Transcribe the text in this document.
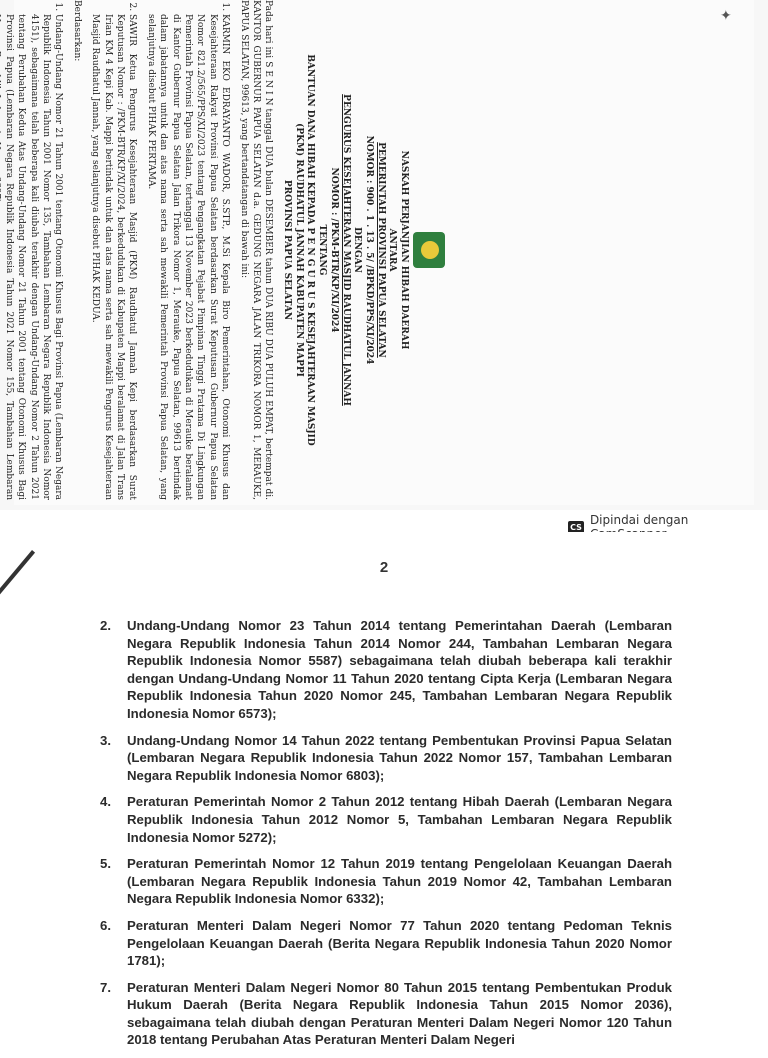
✦
NASKAH PERJANJIAN HIBAH DAERAH
ANTARA
PEMERINTAH PROVINSI PAPUA SELATAN
NOMOR : 900 . 1 . 13 . 5/ /BPKD/PPS/XI/2024
DENGAN
PENGURUS KESEJAHTERAAN MASJID RAUDHATUL JANNAH
NOMOR : /PKM-BTR/KP/XI/2024
TENTANG
BANTUAN DANA HIBAH KEPADA P E N G U R U S KESEJAHTERAAN MASJID
(PKM) RAUDHATUL JANNAH KABUPATEN MAPPI
PROVINSI PAPUA SELATAN

Pada hari ini S E N I N tanggal DUA bulan DESEMBER tahun DUA RIBU DUA PULUH EMPAT, bertempat di. KANTOR GUBERNUR PAPUA SELATAN d.a. GEDUNG NEGARA JALAN TRIKORA NOMOR 1, MERAUKE, PAPUA SELATAN, 99613, yang bertandatangan di bawah ini:

1. KARMIN EKO EDRAYANTO WADOR, S.STP., M.Si Kepala Biro Pemerintahan, Otonomi Khusus dan Kesejahteraan Rakyat Provinsi Papua Selatan berdasarkan Surat Keputusan Gubernur Papua Selatan Nomor 821.2/565/PPS/XI/2023 tentang Pengangkatan Pejabat Pimpinan Tinggi Pratama Di Lingkungan Pemerintah Provinsi Papua Selatan, tertanggal 13 November 2023 berkedudukan di Merauke beralamat di Kantor Gubernur Papua Selatan Jalan Trikora Nomor 1, Merauke, Papua Selatan, 99613 bertindak dalam jabatannya untuk dan atas nama serta sah mewakili Pemerintah Provinsi Papua Selatan, yang selanjutnya disebut PIHAK PERTAMA.
2. SAWIR Ketua Pengurus Kesejahteraan Masjid (PKM) Raudhatul Jannah Kepi berdasarkan Surat Keputusan Nomor : /PKM-BTR/KP/XI/2024, berkedudukan di Kabupaten Mappi beralamat di Jalan Trans Irian KM 4 Kepi Kab. Mappi bertindak untuk dan atas nama serta sah mewakili Pengurus Kesejahteraan Masjid Raudhatul Jannah, yang selanjutnya disebut PIHAK KEDUA.

Berdasarkan:

1. Undang-Undang Nomor 21 Tahun 2001 tentang Otonomi Khusus Bagi Provinsi Papua (Lembaran Negara Republik Indonesia Tahun 2001 Nomor 135, Tambahan Lembaran Negara Republik Indonesia Nomor 4151), sebagaimana telah beberapa kali diubah terakhir dengan Undang-Undang Nomor 2 Tahun 2021 tentang Perubahan Kedua Atas Undang-Undang Nomor 21 Tahun 2001 tentang Otonomi Khusus Bagi Provinsi Papua (Lembaran Negara Republik Indonesia Tahun 2021 Nomor 155, Tambahan Lembaran
CS Dipindai dengan
2
2. Undang-Undang Nomor 23 Tahun 2014 tentang Pemerintahan Daerah (Lembaran Negara Republik Indonesia Tahun 2014 Nomor 244, Tambahan Lembaran Negara Republik Indonesia Nomor 5587) sebagaimana telah diubah beberapa kali terakhir dengan Undang-Undang Nomor 11 Tahun 2020 tentang Cipta Kerja (Lembaran Negara Republik Indonesia Tahun 2020 Nomor 245, Tambahan Lembaran Negara Republik Indonesia Nomor 6573);
3. Undang-Undang Nomor 14 Tahun 2022 tentang Pembentukan Provinsi Papua Selatan (Lembaran Negara Republik Indonesia Tahun 2022 Nomor 157, Tambahan Lembaran Negara Republik Indonesia Nomor 6803);
4. Peraturan Pemerintah Nomor 2 Tahun 2012 tentang Hibah Daerah (Lembaran Negara Republik Indonesia Tahun 2012 Nomor 5, Tambahan Lembaran Negara Republik Indonesia Nomor 5272);
5. Peraturan Pemerintah Nomor 12 Tahun 2019 tentang Pengelolaan Keuangan Daerah (Lembaran Negara Republik Indonesia Tahun 2019 Nomor 42, Tambahan Lembaran Negara Republik Indonesia Nomor 6332);
6. Peraturan Menteri Dalam Negeri Nomor 77 Tahun 2020 tentang Pedoman Teknis Pengelolaan Keuangan Daerah (Berita Negara Republik Indonesia Tahun 2020 Nomor 1781);
7. Peraturan Menteri Dalam Negeri Nomor 80 Tahun 2015 tentang Pembentukan Produk Hukum Daerah (Berita Negara Republik Indonesia Tahun 2015 Nomor 2036), sebagaimana telah diubah dengan Peraturan Menteri Dalam Negeri Nomor 120 Tahun 2018 tentang Perubahan Atas Peraturan Menteri Dalam Negeri
